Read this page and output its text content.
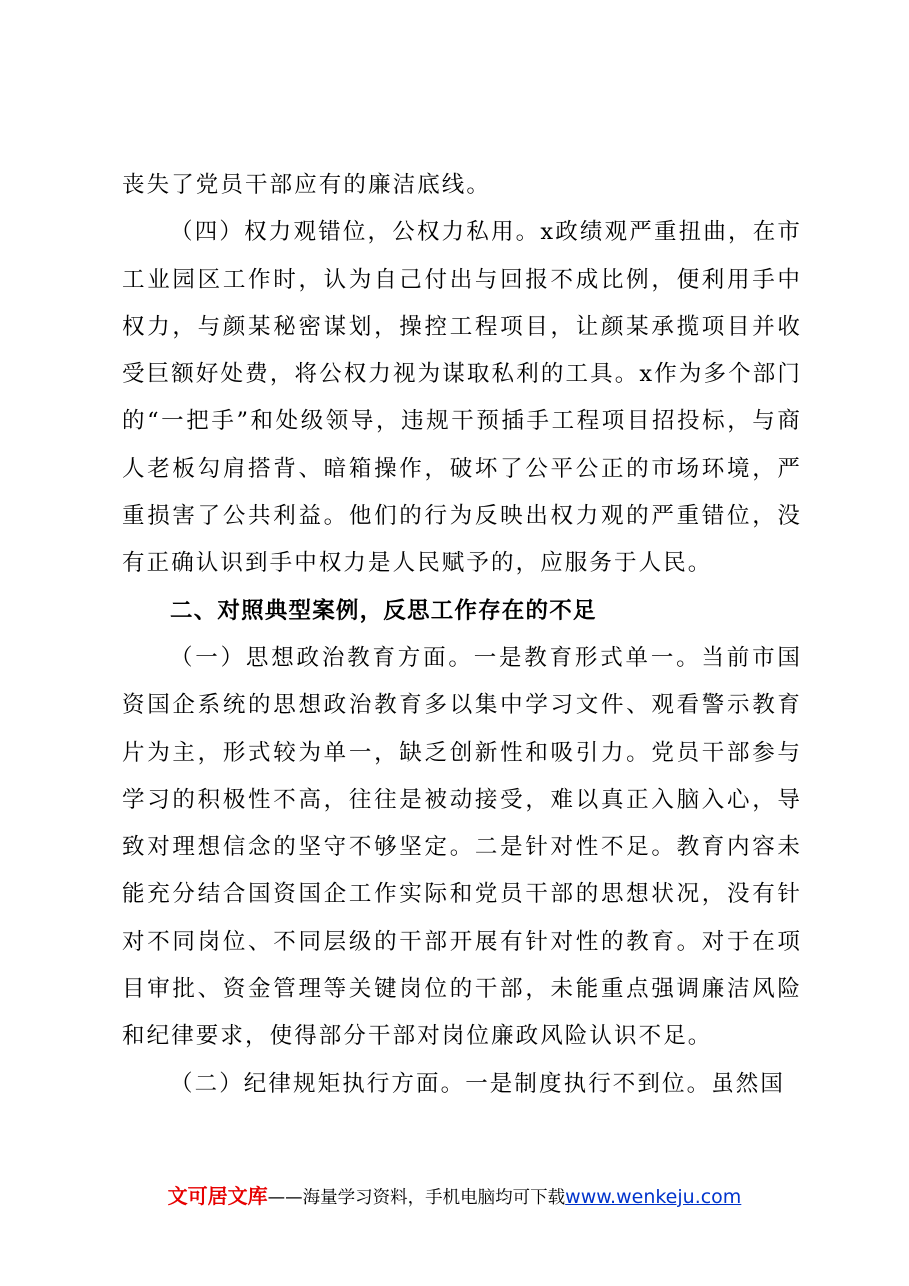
丧失了党员干部应有的廉洁底线。

（四）权力观错位，公权力私用。x政绩观严重扭曲，在市工业园区工作时，认为自己付出与回报不成比例，便利用手中权力，与颜某秘密谋划，操控工程项目，让颜某承揽项目并收受巨额好处费，将公权力视为谋取私利的工具。x作为多个部门的“一把手”和处级领导，违规干预插手工程项目招投标，与商人老板勾肩搭背、暗箱操作，破坏了公平公正的市场环境，严重损害了公共利益。他们的行为反映出权力观的严重错位，没有正确认识到手中权力是人民赋予的，应服务于人民。

二、对照典型案例，反思工作存在的不足

（一）思想政治教育方面。一是教育形式单一。当前市国资国企系统的思想政治教育多以集中学习文件、观看警示教育片为主，形式较为单一，缺乏创新性和吸引力。党员干部参与学习的积极性不高，往往是被动接受，难以真正入脑入心，导致对理想信念的坚守不够坚定。二是针对性不足。教育内容未能充分结合国资国企工作实际和党员干部的思想状况，没有针对不同岗位、不同层级的干部开展有针对性的教育。对于在项目审批、资金管理等关键岗位的干部，未能重点强调廉洁风险和纪律要求，使得部分干部对岗位廉政风险认识不足。

（二）纪律规矩执行方面。一是制度执行不到位。虽然国

文可居文库——海量学习资料，手机电脑均可下载www.wenkeju.com
